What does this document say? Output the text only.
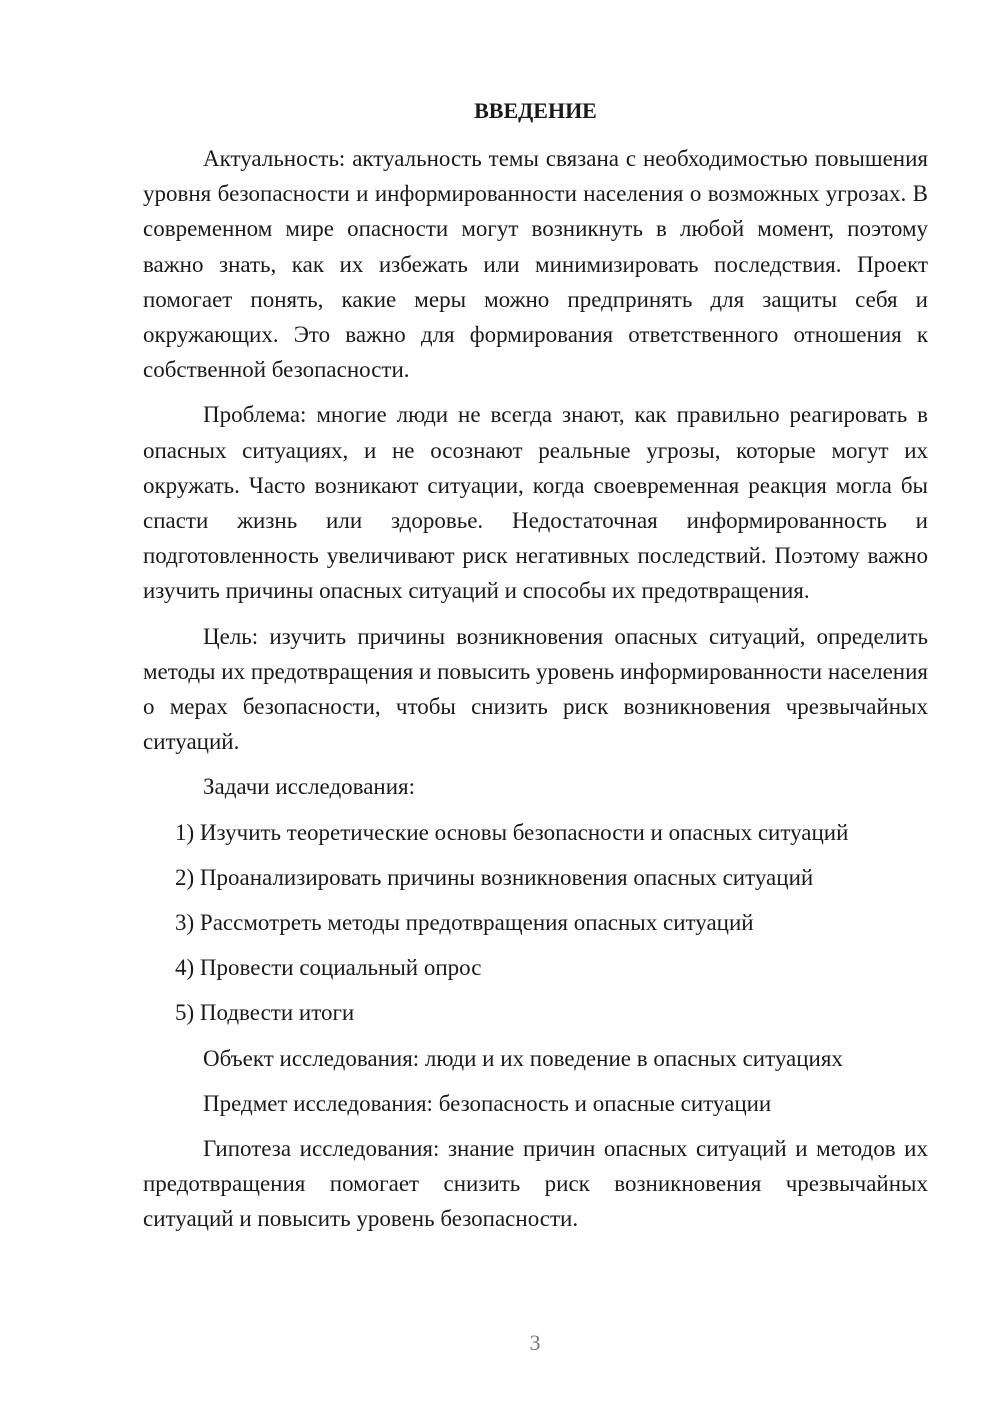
ВВЕДЕНИЕ

Актуальность: актуальность темы связана с необходимостью повышения уровня безопасности и информированности населения о возможных угрозах. В современном мире опасности могут возникнуть в любой момент, поэтому важно знать, как их избежать или минимизировать последствия. Проект помогает понять, какие меры можно предпринять для защиты себя и окружающих. Это важно для формирования ответственного отношения к собственной безопасности.

Проблема: многие люди не всегда знают, как правильно реагировать в опасных ситуациях, и не осознают реальные угрозы, которые могут их окружать. Часто возникают ситуации, когда своевременная реакция могла бы спасти жизнь или здоровье. Недостаточная информированность и подготовленность увеличивают риск негативных последствий. Поэтому важно изучить причины опасных ситуаций и способы их предотвращения.

Цель: изучить причины возникновения опасных ситуаций, определить методы их предотвращения и повысить уровень информированности населения о мерах безопасности, чтобы снизить риск возникновения чрезвычайных ситуаций.

Задачи исследования:
1) Изучить теоретические основы безопасности и опасных ситуаций
2) Проанализировать причины возникновения опасных ситуаций
3) Рассмотреть методы предотвращения опасных ситуаций
4) Провести социальный опрос
5) Подвести итоги
Объект исследования: люди и их поведение в опасных ситуациях
Предмет исследования: безопасность и опасные ситуации

Гипотеза исследования: знание причин опасных ситуаций и методов их предотвращения помогает снизить риск возникновения чрезвычайных ситуаций и повысить уровень безопасности.

3
